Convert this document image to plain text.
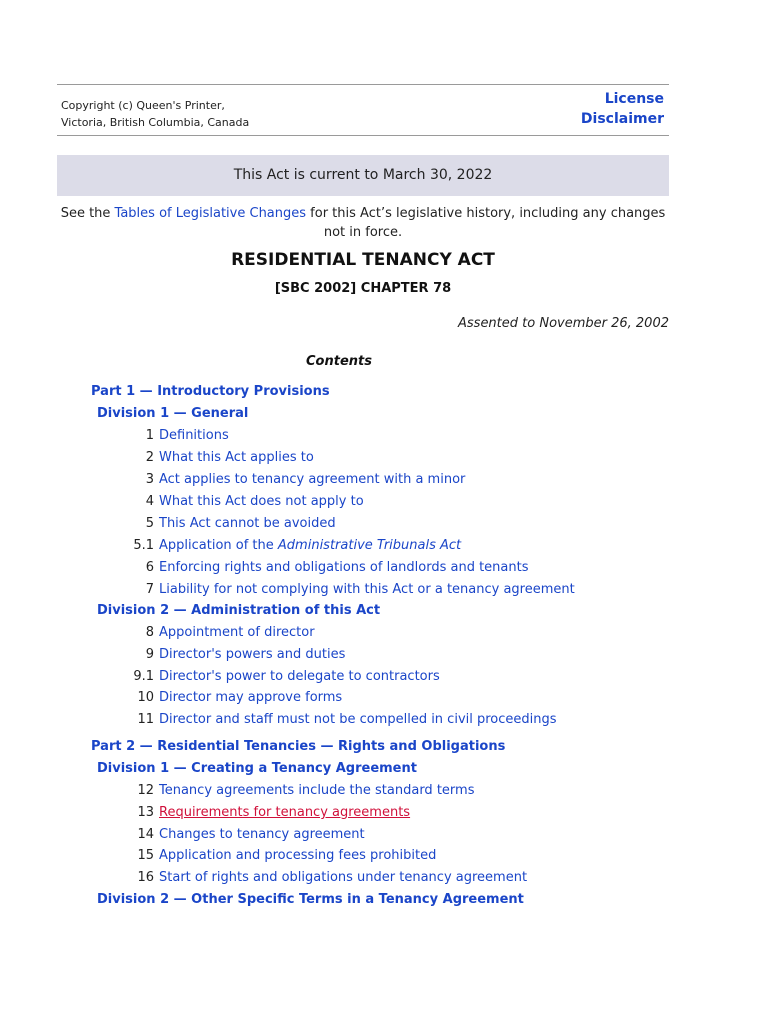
Copyright (c) Queen's Printer,
Victoria, British Columbia, Canada
License
Disclaimer
This Act is current to March 30, 2022
See the Tables of Legislative Changes for this Act’s legislative history, including any changes not in force.
RESIDENTIAL TENANCY ACT
[SBC 2002] CHAPTER 78
Assented to November 26, 2002
Contents
Part 1 — Introductory Provisions
Division 1 — General
1 Definitions
2 What this Act applies to
3 Act applies to tenancy agreement with a minor
4 What this Act does not apply to
5 This Act cannot be avoided
5.1 Application of the Administrative Tribunals Act
6 Enforcing rights and obligations of landlords and tenants
7 Liability for not complying with this Act or a tenancy agreement
Division 2 — Administration of this Act
8 Appointment of director
9 Director's powers and duties
9.1 Director's power to delegate to contractors
10 Director may approve forms
11 Director and staff must not be compelled in civil proceedings
Part 2 — Residential Tenancies — Rights and Obligations
Division 1 — Creating a Tenancy Agreement
12 Tenancy agreements include the standard terms
13 Requirements for tenancy agreements
14 Changes to tenancy agreement
15 Application and processing fees prohibited
16 Start of rights and obligations under tenancy agreement
Division 2 — Other Specific Terms in a Tenancy Agreement
